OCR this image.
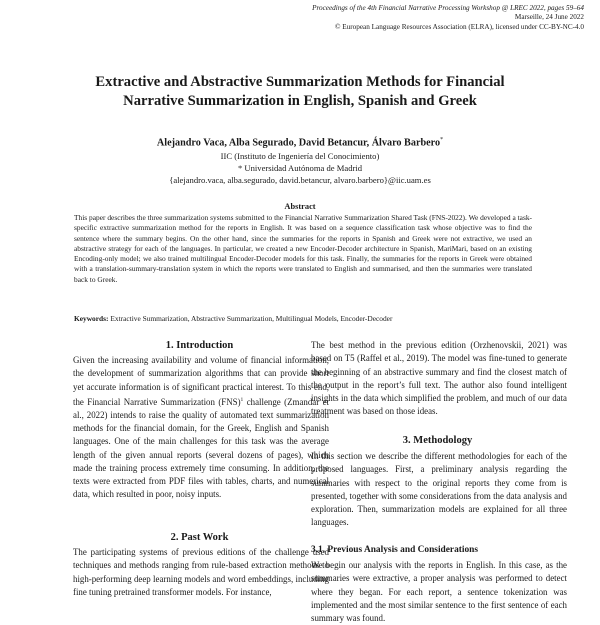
Proceedings of the 4th Financial Narrative Processing Workshop @ LREC 2022, pages 59–64
Marseille, 24 June 2022
© European Language Resources Association (ELRA), licensed under CC-BY-NC-4.0
Extractive and Abstractive Summarization Methods for Financial
Narrative Summarization in English, Spanish and Greek
Alejandro Vaca, Alba Segurado, David Betancur, Álvaro Barbero*
IIC (Instituto de Ingeniería del Conocimiento)
* Universidad Autónoma de Madrid
{alejandro.vaca, alba.segurado, david.betancur, alvaro.barbero}@iic.uam.es
Abstract
This paper describes the three summarization systems submitted to the Financial Narrative Summarization Shared Task (FNS-2022). We developed a task-specific extractive summarization method for the reports in English. It was based on a sequence classification task whose objective was to find the sentence where the summary begins. On the other hand, since the summaries for the reports in Spanish and Greek were not extractive, we used an abstractive strategy for each of the languages. In particular, we created a new Encoder-Decoder architecture in Spanish, MariMari, based on an existing Encoding-only model; we also trained multilingual Encoder-Decoder models for this task. Finally, the summaries for the reports in Greek were obtained with a translation-summary-translation system in which the reports were translated to English and summarised, and then the summaries were translated back to Greek.
Keywords: Extractive Summarization, Abstractive Summarization, Multilingual Models, Encoder-Decoder
1. Introduction
Given the increasing availability and volume of financial information, the development of summarization algorithms that can provide short yet accurate information is of significant practical interest. To this end, the Financial Narrative Summarization (FNS)$^1$ challenge (Zmandar et al., 2022) intends to raise the quality of automated text summarization methods for the financial domain, for the Greek, English and Spanish languages. One of the main challenges for this task was the average length of the given annual reports (several dozens of pages), which made the training process extremely time consuming. In addition, the texts were extracted from PDF files with tables, charts, and numerical data, which resulted in poor, noisy inputs.
2. Past Work
The participating systems of previous editions of the challenge used techniques and methods ranging from rule-based extraction methods to high-performing deep learning models and word embeddings, including fine tuning pretrained transformer models. For instance,
The best method in the previous edition (Orzhenovskii, 2021) was based on T5 (Raffel et al., 2019). The model was fine-tuned to generate the beginning of an abstractive summary and find the closest match of the output in the report’s full text. The author also found intelligent insights in the data which simplified the problem, and much of our data treatment was based on those ideas.
3. Methodology
In this section we describe the different methodologies for each of the proposed languages. First, a preliminary analysis regarding the summaries with respect to the original reports they come from is presented, together with some considerations from the data analysis and exploration. Then, summarization models are explained for all three languages.
3.1. Previous Analysis and Considerations
We begin our analysis with the reports in English. In this case, as the summaries were extractive, a proper analysis was performed to detect where they began. For each report, a sentence tokenization was implemented and the most similar sentence to the first sentence of each summary was found.
